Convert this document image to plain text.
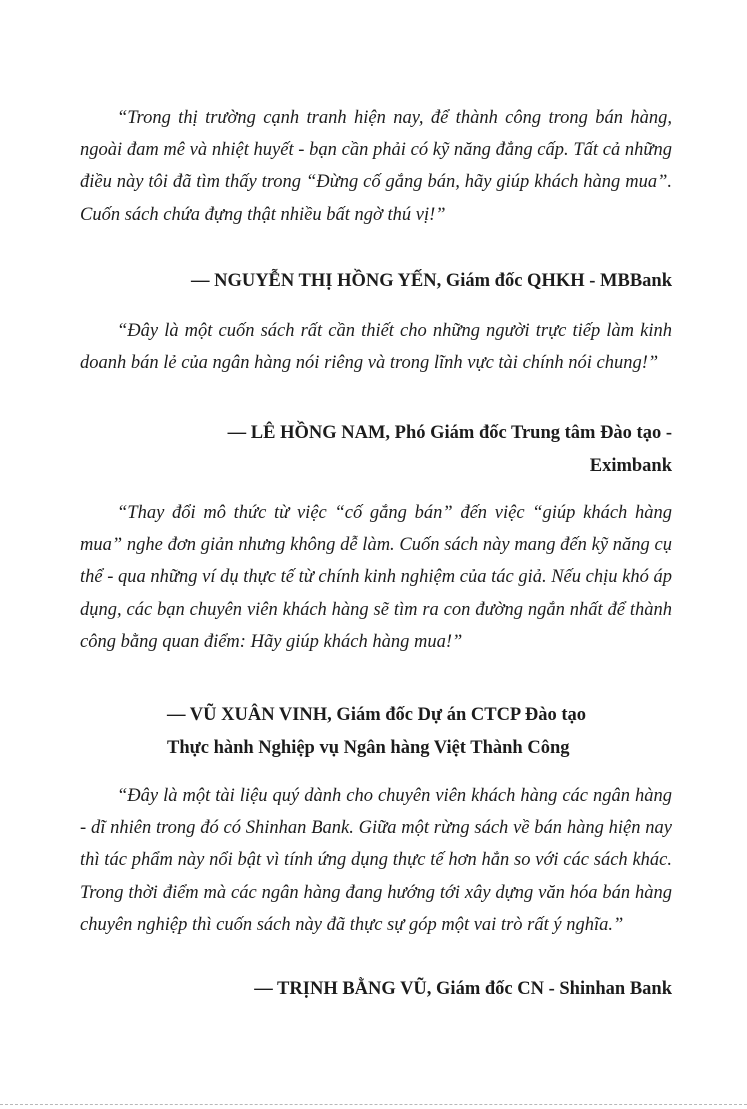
“Trong thị trường cạnh tranh hiện nay, để thành công trong bán hàng, ngoài đam mê và nhiệt huyết - bạn cần phải có kỹ năng đẳng cấp. Tất cả những điều này tôi đã tìm thấy trong “Đừng cố gắng bán, hãy giúp khách hàng mua”. Cuốn sách chứa đựng thật nhiều bất ngờ thú vị!”

— NGUYỄN THỊ HỒNG YẾN, Giám đốc QHKH - MBBank

“Đây là một cuốn sách rất cần thiết cho những người trực tiếp làm kinh doanh bán lẻ của ngân hàng nói riêng và trong lĩnh vực tài chính nói chung!”

— LÊ HỒNG NAM, Phó Giám đốc Trung tâm Đào tạo -
Eximbank

“Thay đổi mô thức từ việc “cố gắng bán” đến việc “giúp khách hàng mua” nghe đơn giản nhưng không dễ làm. Cuốn sách này mang đến kỹ năng cụ thể - qua những ví dụ thực tế từ chính kinh nghiệm của tác giả. Nếu chịu khó áp dụng, các bạn chuyên viên khách hàng sẽ tìm ra con đường ngắn nhất để thành công bằng quan điểm: Hãy giúp khách hàng mua!”

— VŨ XUÂN VINH, Giám đốc Dự án CTCP Đào tạo
Thực hành Nghiệp vụ Ngân hàng Việt Thành Công

“Đây là một tài liệu quý dành cho chuyên viên khách hàng các ngân hàng - dĩ nhiên trong đó có Shinhan Bank. Giữa một rừng sách về bán hàng hiện nay thì tác phẩm này nổi bật vì tính ứng dụng thực tế hơn hẳn so với các sách khác. Trong thời điểm mà các ngân hàng đang hướng tới xây dựng văn hóa bán hàng chuyên nghiệp thì cuốn sách này đã thực sự góp một vai trò rất ý nghĩa.”

— TRỊNH BẰNG VŨ, Giám đốc CN - Shinhan Bank
